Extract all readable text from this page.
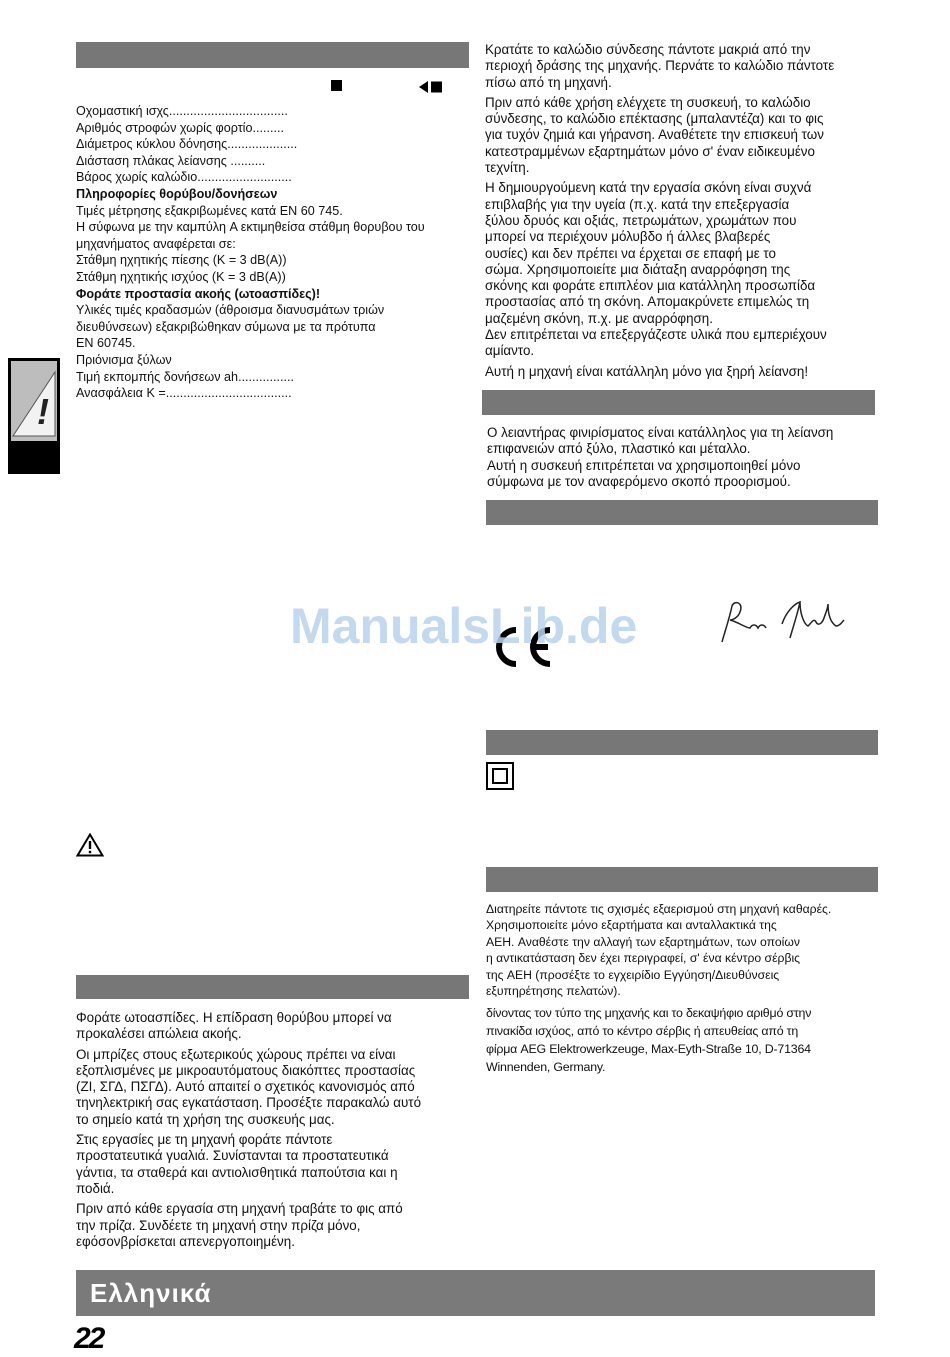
Οχομαστική ισχς..................................
Αριθμός στροφών χωρίς φορτίο.........
Διάμετρος κύκλου δόνησης....................
Διάσταση πλάκας λείανσης ..........
Βάρος χωρίς καλώδιο...........................
Πληροφορίες θορύβου/δονήσεων
Τιμές μέτρησης εξακριβωμένες κατά EN 60 745.
Η σύφωνα με την καμπύλη A εκτιμηθείσα στάθμη θορυβου του
μηχανήματος αναφέρεται σε:
Στάθμη ηχητικής πίεσης (K = 3 dB(A))
Στάθμη ηχητικής ισχύος (K = 3 dB(A))
Φοράτε προστασία ακοής (ωτοασπίδες)!
Υλικές τιμές κραδασμών (άθροισμα διανυσμάτων τριών
διευθύνσεων) εξακριβώθηκαν σύμωνα με τα πρότυπα
EN 60745.
Πριόνισμα ξύλων
Τιμή εκπομπής δονήσεων ah................
Ανασφάλεια K =....................................
!

Φοράτε ωτοασπίδες. Η επίδραση θορύβου μπορεί να
προκαλέσει απώλεια ακοής.

Οι μπρίζες στους εξωτερικούς χώρους πρέπει να είναι
εξοπλισμένες με μικροαυτόματους διακόπτες προστασίας
(ZI, ΣΓΔ, ΠΣΓΔ). Αυτό απαιτεί ο σχετικός κανονισμός από
τηνηλεκτρική σας εγκατάσταση. Προσέξτε παρακαλώ αυτό
το σημείο κατά τη χρήση της συσκευής μας.

Στις εργασίες με τη μηχανή φοράτε πάντοτε
προστατευτικά γυαλιά. Συνίστανται τα προστατευτικά
γάντια, τα σταθερά και αντιολισθητικά παπούτσια και η
ποδιά.

Πριν από κάθε εργασία στη μηχανή τραβάτε το φις από
την πρίζα. Συνδέετε τη μηχανή στην πρίζα μόνο,
εφόσονβρίσκεται απενεργοποιημένη.

Κρατάτε το καλώδιο σύνδεσης πάντοτε μακριά από την
περιοχή δράσης της μηχανής. Περνάτε το καλώδιο πάντοτε
πίσω από τη μηχανή.

Πριν από κάθε χρήση ελέγχετε τη συσκευή, το καλώδιο
σύνδεσης, το καλώδιο επέκτασης (μπαλαντέζα) και το φις
για τυχόν ζημιά και γήρανση. Αναθέτετε την επισκευή των
κατεστραμμένων εξαρτημάτων μόνο σ' έναν ειδικευμένο
τεχνίτη.

Η δημιουργούμενη κατά την εργασία σκόνη είναι συχνά
επιβλαβής για την υγεία (π.χ. κατά την επεξεργασία
ξύλου δρυός και οξιάς, πετρωμάτων, χρωμάτων που
μπορεί να περιέχουν μόλυβδο ή άλλες βλαβερές
ουσίες) και δεν πρέπει να έρχεται σε επαφή με το
σώμα. Χρησιμοποιείτε μια διάταξη αναρρόφηση της
σκόνης και φοράτε επιπλέον μια κατάλληλη προσωπίδα
προστασίας από τη σκόνη. Απομακρύνετε επιμελώς τη
μαζεμένη σκόνη, π.χ. με αναρρόφηση.
Δεν επιτρέπεται να επεξεργάζεστε υλικά που εμπεριέχουν
αμίαντο.

Αυτή η μηχανή είναι κατάλληλη μόνο για ξηρή λείανση!

Ο λειαντήρας φινιρίσματος είναι κατάλληλος για τη λείανση
επιφανειών από ξύλο, πλαστικό και μέταλλο.
Αυτή η συσκευή επιτρέπεται να χρησιμοποιηθεί μόνο
σύμφωνα με τον αναφερόμενο σκοπό προορισμού.
Διατηρείτε πάντοτε τις σχισμές εξαερισμού στη μηχανή καθαρές.
Χρησιμοποιείτε μόνο εξαρτήματα και ανταλλακτικά της
AEH. Αναθέστε την αλλαγή των εξαρτημάτων, των οποίων
η αντικατάσταση δεν έχει περιγραφεί, σ' ένα κέντρο σέρβις
της AEH (προσέξτε το εγχειρίδιο Εγγύηση/Διευθύνσεις
εξυπηρέτησης πελατών).
δίνοντας τον τύπο της μηχανής και το δεκαψήφιο αριθμό στην
πινακίδα ισχύος, από το κέντρο σέρβις ή απευθείας από τη
φίρμα AEG Elektrowerkzeuge, Max-Eyth-Straße 10, D-71364
Winnenden, Germany.
ManualsLib.de
Ελληνικά
22
